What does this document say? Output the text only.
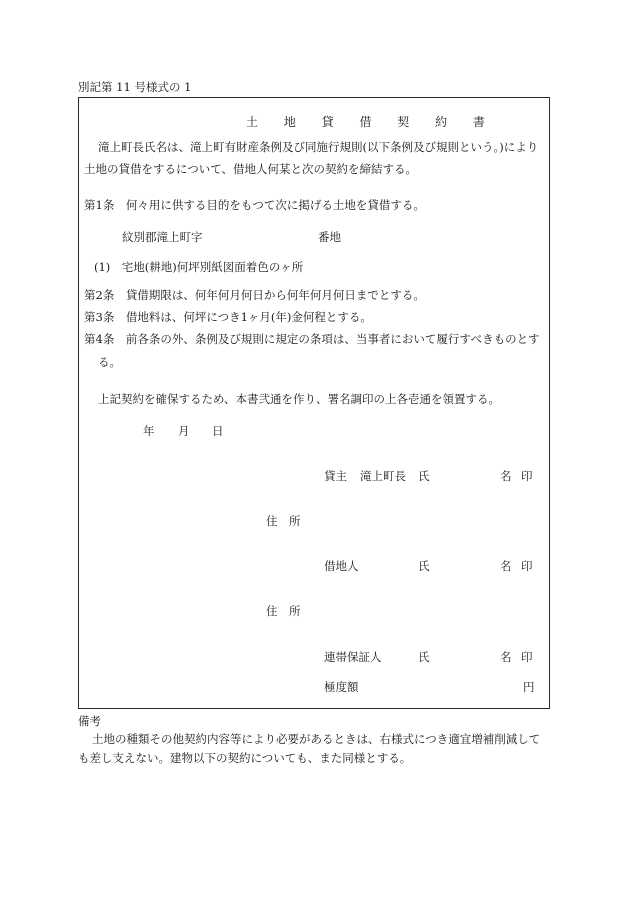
別記第 11 号様式の 1
土 地 貸 借 契 約 書
滝上町長氏名は、滝上町有財産条例及び同施行規則(以下条例及び規則という。)により
土地の貸借をするについて、借地人何某と次の契約を締結する。
第1条　何々用に供する目的をもつて次に掲げる土地を貸借する。
紋別郡滝上町字	番地
(1)　宅地(耕地)何坪別紙図面着色のヶ所
第2条　貸借期限は、何年何月何日から何年何月何日までとする。
第3条　借地料は、何坪につき1ヶ月(年)金何程とする。
第4条　前各条の外、条例及び規則に規定の条項は、当事者において履行すべきものとす
る。
上記契約を確保するため、本書弐通を作り、署名調印の上各壱通を領置する。
年 月 日
貸主 滝上町長 氏	名 印
住　所
借地人	氏	名 印
住　所
連帯保証人	氏	名 印
極度額	円
備考
土地の種類その他契約内容等により必要があるときは、右様式につき適宜増補削減して
も差し支えない。建物以下の契約についても、また同様とする。
